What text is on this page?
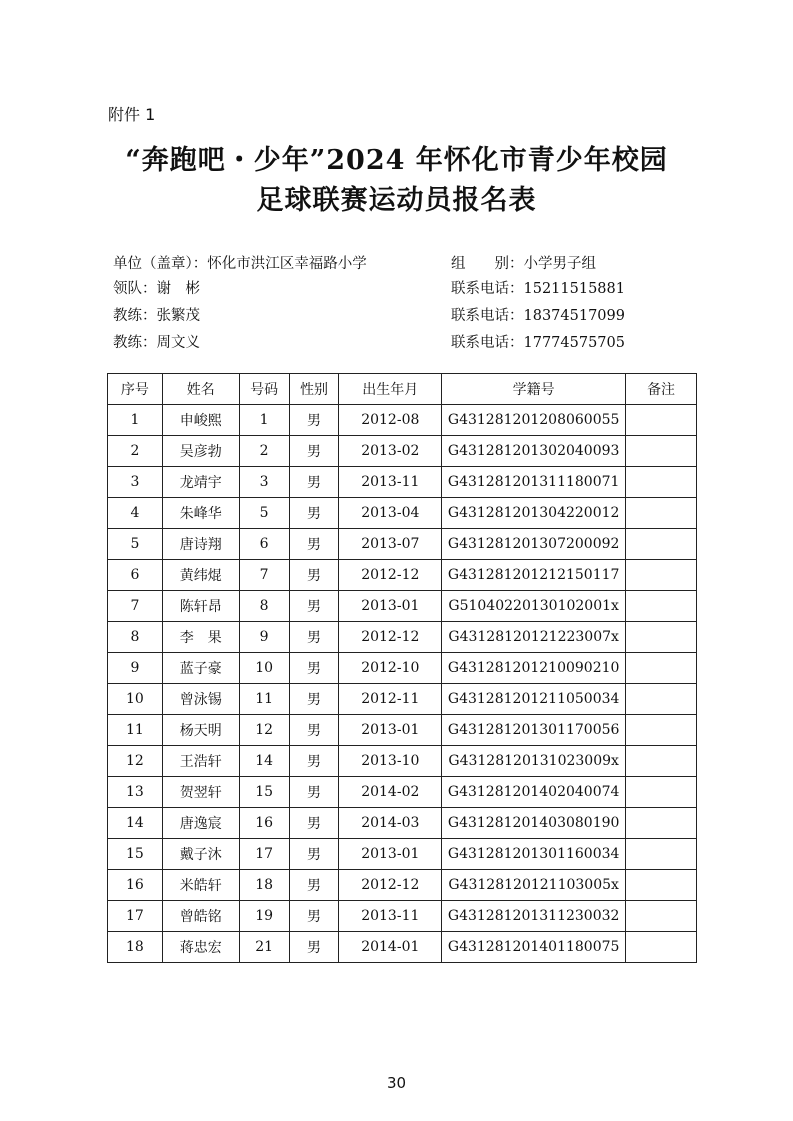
附件 1
“奔跑吧・少年”2024 年怀化市青少年校园
足球联赛运动员报名表
单位（盖章）：怀化市洪江区幸福路小学	组　　别：小学男子组
领队：谢　彬	联系电话：15211515881
教练：张繁茂	联系电话：18374517099
教练：周文义	联系电话：17774575705
序号	姓名	号码	性别	出生年月	学籍号	备注
1	申峻熙	1	男	2012-08	G431281201208060055	
2	吴彦勃	2	男	2013-02	G431281201302040093	
3	龙靖宇	3	男	2013-11	G431281201311180071	
4	朱峰华	5	男	2013-04	G431281201304220012	
5	唐诗翔	6	男	2013-07	G431281201307200092	
6	黄纬焜	7	男	2012-12	G431281201212150117	
7	陈轩昂	8	男	2013-01	G5104022013010200​1x	
8	李　果	9	男	2012-12	G43128120121223007x	
9	蓝子豪	10	男	2012-10	G431281201210090210	
10	曾泳锡	11	男	2012-11	G431281201211050034	
11	杨天明	12	男	2013-01	G431281201301170056	
12	王浩轩	14	男	2013-10	G43128120131023009x	
13	贺翌轩	15	男	2014-02	G431281201402040074	
14	唐逸宸	16	男	2014-03	G431281201403080190	
15	戴子沐	17	男	2013-01	G431281201301160034	
16	米皓轩	18	男	2012-12	G43128120121103005x	
17	曾皓铭	19	男	2013-11	G431281201311230032	
18	蒋忠宏	21	男	2014-01	G431281201401180075	
30
